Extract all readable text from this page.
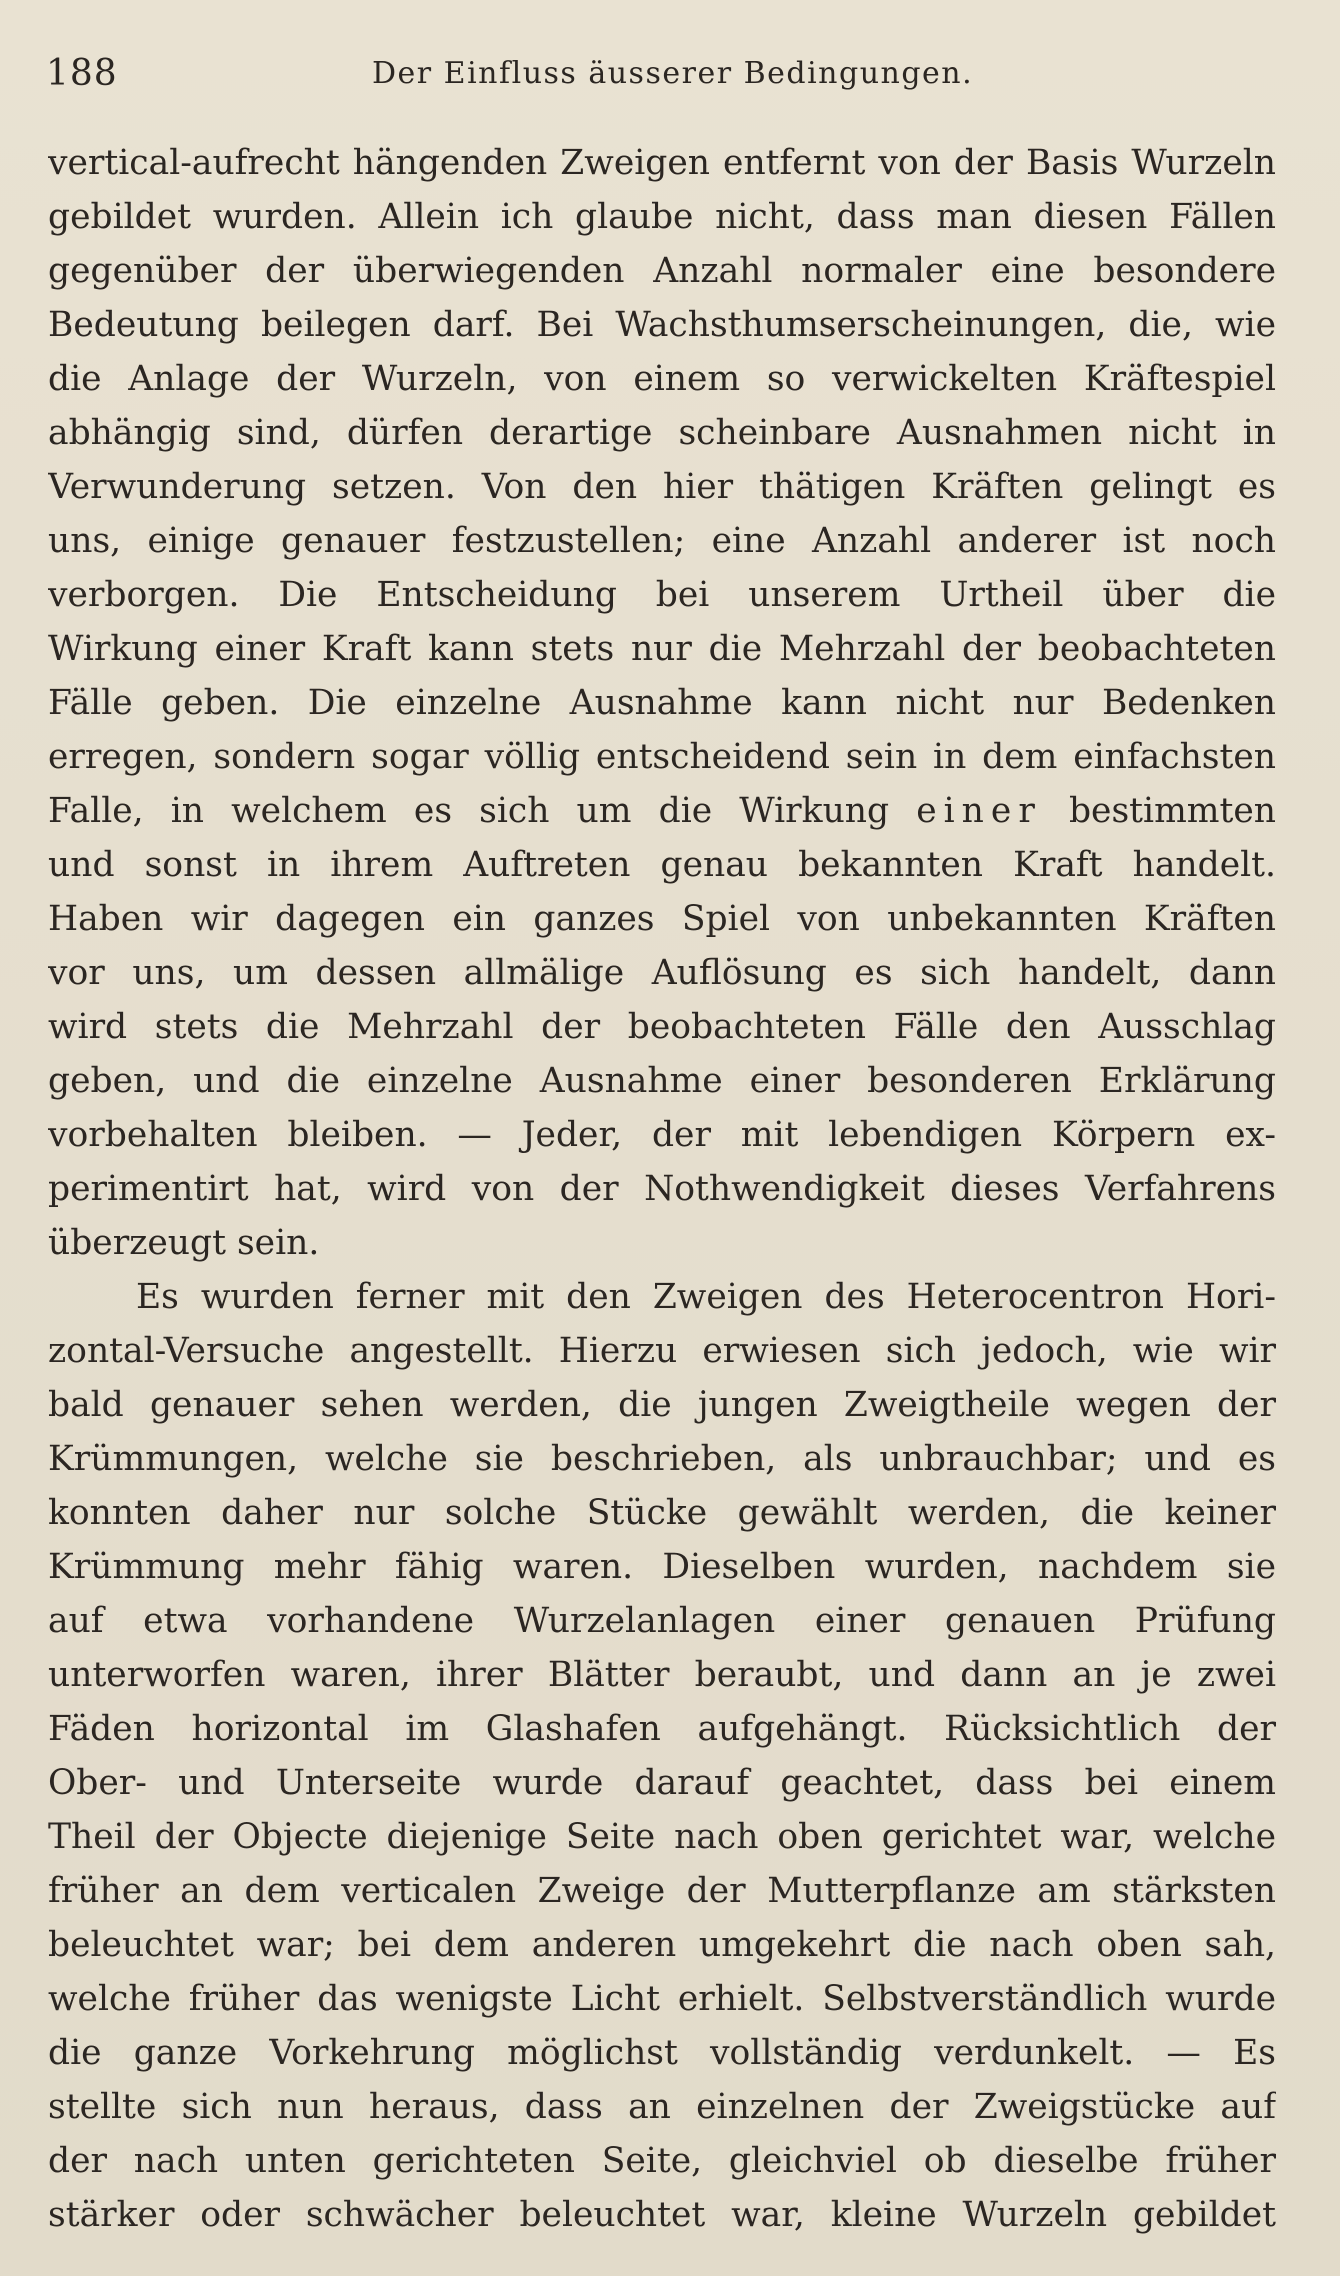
188	Der Einfluss äusserer Bedingungen.
vertical-aufrecht hängenden Zweigen entfernt von der Basis Wurzeln
gebildet wurden. Allein ich glaube nicht, dass man diesen Fällen
gegenüber der überwiegenden Anzahl normaler eine besondere
Bedeutung beilegen darf. Bei Wachsthumserscheinungen, die, wie
die Anlage der Wurzeln, von einem so verwickelten Kräftespiel
abhängig sind, dürfen derartige scheinbare Ausnahmen nicht in
Verwunderung setzen. Von den hier thätigen Kräften gelingt es
uns, einige genauer festzustellen; eine Anzahl anderer ist noch
verborgen. Die Entscheidung bei unserem Urtheil über die
Wirkung einer Kraft kann stets nur die Mehrzahl der beobachteten
Fälle geben. Die einzelne Ausnahme kann nicht nur Bedenken
erregen, sondern sogar völlig entscheidend sein in dem einfachsten
Falle, in welchem es sich um die Wirkung einer bestimmten
und sonst in ihrem Auftreten genau bekannten Kraft handelt.
Haben wir dagegen ein ganzes Spiel von unbekannten Kräften
vor uns, um dessen allmälige Auflösung es sich handelt, dann
wird stets die Mehrzahl der beobachteten Fälle den Ausschlag
geben, und die einzelne Ausnahme einer besonderen Erklärung
vorbehalten bleiben. — Jeder, der mit lebendigen Körpern ex-
perimentirt hat, wird von der Nothwendigkeit dieses Verfahrens
überzeugt sein.
Es wurden ferner mit den Zweigen des Heterocentron Hori-
zontal-Versuche angestellt. Hierzu erwiesen sich jedoch, wie wir
bald genauer sehen werden, die jungen Zweigtheile wegen der
Krümmungen, welche sie beschrieben, als unbrauchbar; und es
konnten daher nur solche Stücke gewählt werden, die keiner
Krümmung mehr fähig waren. Dieselben wurden, nachdem sie
auf etwa vorhandene Wurzelanlagen einer genauen Prüfung
unterworfen waren, ihrer Blätter beraubt, und dann an je zwei
Fäden horizontal im Glashafen aufgehängt. Rücksichtlich der
Ober- und Unterseite wurde darauf geachtet, dass bei einem
Theil der Objecte diejenige Seite nach oben gerichtet war, welche
früher an dem verticalen Zweige der Mutterpflanze am stärksten
beleuchtet war; bei dem anderen umgekehrt die nach oben sah,
welche früher das wenigste Licht erhielt. Selbstverständlich wurde
die ganze Vorkehrung möglichst vollständig verdunkelt. — Es
stellte sich nun heraus, dass an einzelnen der Zweigstücke auf
der nach unten gerichteten Seite, gleichviel ob dieselbe früher
stärker oder schwächer beleuchtet war, kleine Wurzeln gebildet
